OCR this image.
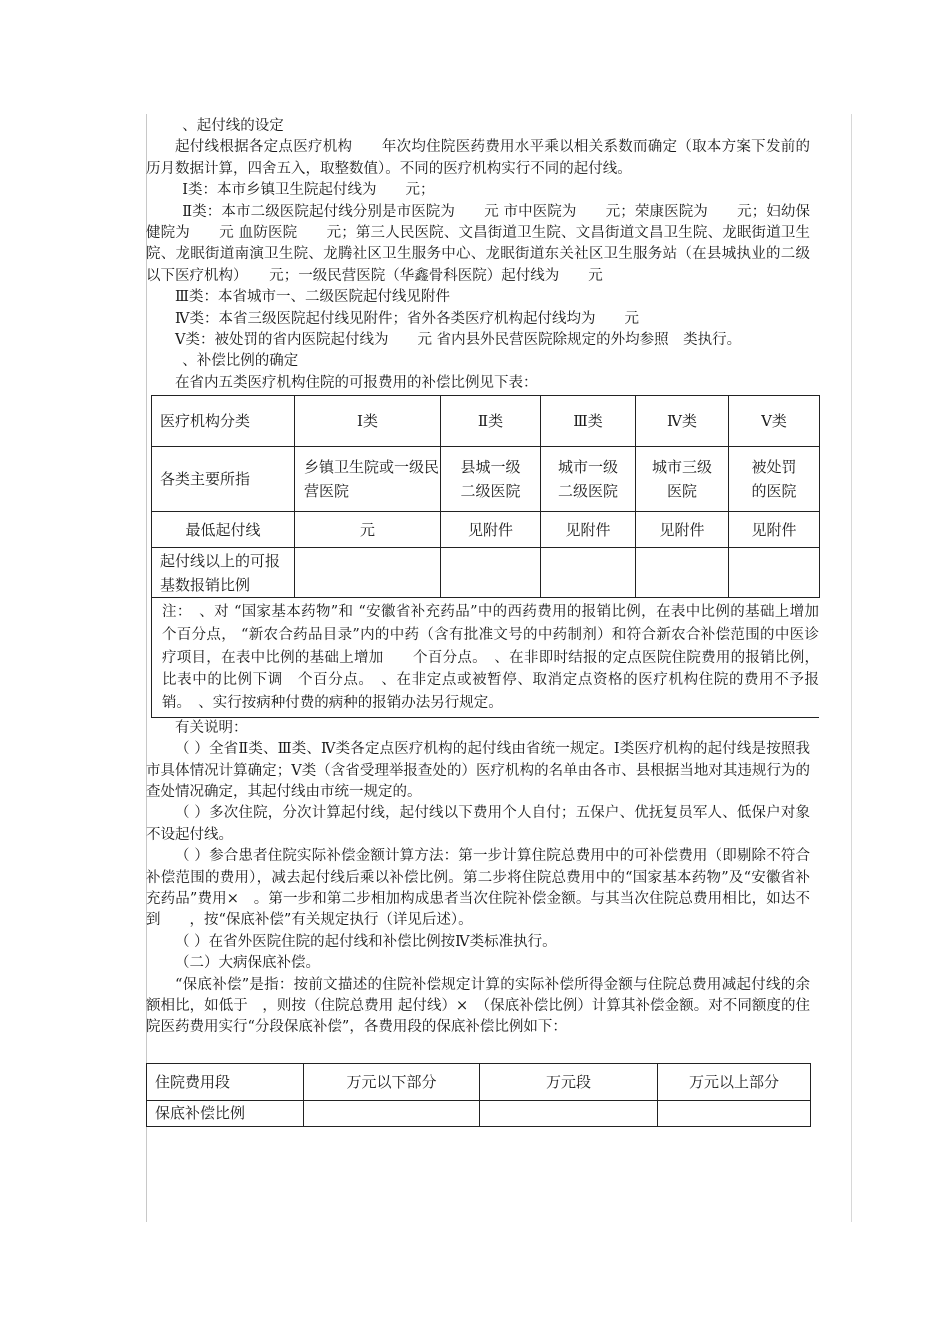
、起付线的设定

起付线根据各定点医疗机构　　年次均住院医药费用水平乘以相关系数而确定（取本方案下发前的历月数据计算，四舍五入，取整数值）。不同的医疗机构实行不同的起付线。

Ⅰ类：本市乡镇卫生院起付线为　　元；

Ⅱ类：本市二级医院起付线分别是市医院为　　元 市中医院为　　元；荣康医院为　　元；妇幼保健院为　　元 血防医院　　元；第三人民医院、文昌街道卫生院、文昌街道文昌卫生院、龙眠街道卫生院、龙眠街道南演卫生院、龙腾社区卫生服务中心、龙眠街道东关社区卫生服务站（在县城执业的二级以下医疗机构）　　元；一级民营医院（华鑫骨科医院）起付线为　　元

Ⅲ类：本省城市一、二级医院起付线见附件

Ⅳ类：本省三级医院起付线见附件；省外各类医疗机构起付线均为　　元

Ⅴ类：被处罚的省内医院起付线为　　元 省内县外民营医院除规定的外均参照　类执行。

、补偿比例的确定

在省内五类医疗机构住院的可报费用的补偿比例见下表：

医疗机构分类	Ⅰ类	Ⅱ类	Ⅲ类	Ⅳ类	Ⅴ类
各类主要所指	乡镇卫生院或一级民营医院	县城一级二级医院	城市一级二级医院	城市三级医院	被处罚的医院
最低起付线	元	见附件	见附件	见附件	见附件
起付线以上的可报基数报销比例					
注：　、对 “国家基本药物”和 “安徽省补充药品”中的西药费用的报销比例，在表中比例的基础上增加　个百分点， “新农合药品目录”内的中药（含有批准文号的中药制剂）和符合新农合补偿范围的中医诊疗项目，在表中比例的基础上增加　　个百分点。　、在非即时结报的定点医院住院费用的报销比例，比表中的比例下调　个百分点。　、在非定点或被暂停、取消定点资格的医疗机构住院的费用不予报销。　、实行按病种付费的病种的报销办法另行规定。

有关说明：

（ ）全省Ⅱ类、Ⅲ类、Ⅳ类各定点医疗机构的起付线由省统一规定。Ⅰ类医疗机构的起付线是按照我市具体情况计算确定；Ⅴ类（含省受理举报查处的）医疗机构的名单由各市、县根据当地对其违规行为的查处情况确定，其起付线由市统一规定的。

（ ）多次住院，分次计算起付线，起付线以下费用个人自付；五保户、优抚复员军人、低保户对象不设起付线。

（ ）参合患者住院实际补偿金额计算方法：第一步计算住院总费用中的可补偿费用（即剔除不符合补偿范围的费用），减去起付线后乘以补偿比例。第二步将住院总费用中的“国家基本药物”及“安徽省补充药品”费用×　。第一步和第二步相加构成患者当次住院补偿金额。与其当次住院总费用相比，如达不到　　，按“保底补偿”有关规定执行（详见后述）。

（ ）在省外医院住院的起付线和补偿比例按Ⅳ类标准执行。

（二）大病保底补偿。

“保底补偿”是指：按前文描述的住院补偿规定计算的实际补偿所得金额与住院总费用减起付线的余额相比，如低于　，则按（住院总费用 起付线）×　（保底补偿比例）计算其补偿金额。对不同额度的住院医药费用实行“分段保底补偿”，各费用段的保底补偿比例如下：

住院费用段	万元以下部分	万元段	万元以上部分
保底补偿比例			
